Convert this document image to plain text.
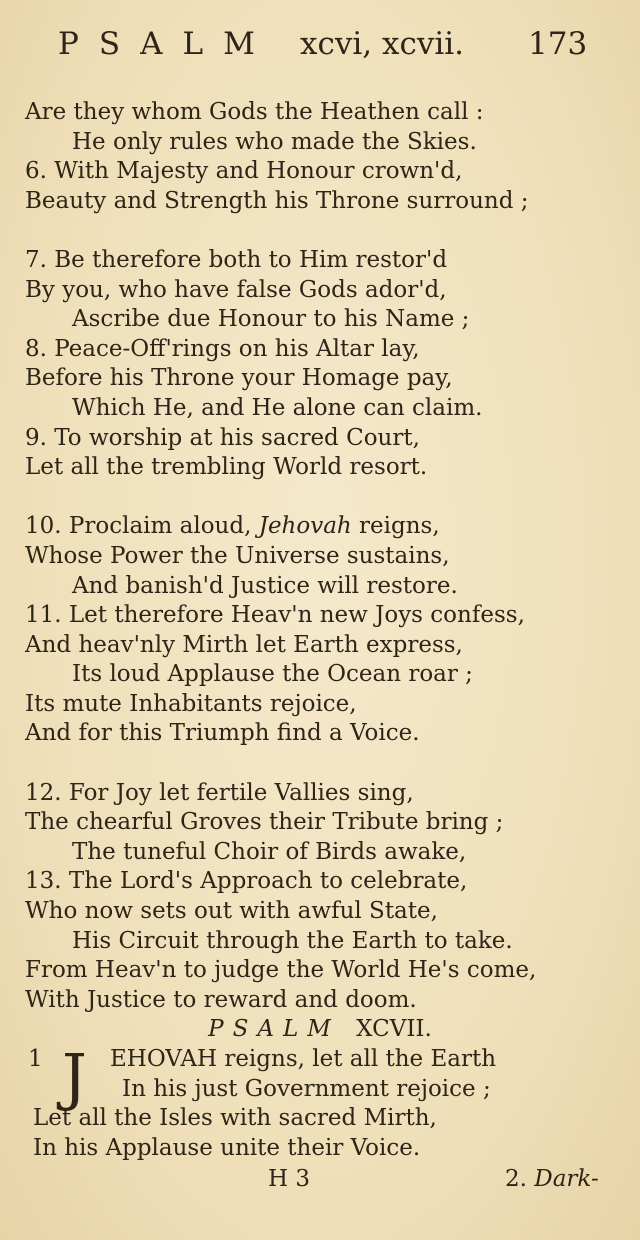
PSALM xcvi, xcvii. 173
Are they whom Gods the Heathen call :
He only rules who made the Skies.
6. With Majesty and Honour crown'd,
Beauty and Strength his Throne surround ;
7. Be therefore both to Him restor'd
By you, who have false Gods ador'd,
Ascribe due Honour to his Name ;
8. Peace-Off'rings on his Altar lay,
Before his Throne your Homage pay,
Which He, and He alone can claim.
9. To worship at his sacred Court,
Let all the trembling World resort.
10. Proclaim aloud, Jehovah reigns,
Whose Power the Universe sustains,
And banish'd Justice will restore.
11. Let therefore Heav'n new Joys confess,
And heav'nly Mirth let Earth express,
Its loud Applause the Ocean roar ;
Its mute Inhabitants rejoice,
And for this Triumph find a Voice.
12. For Joy let fertile Vallies sing,
The chearful Groves their Tribute bring ;
The tuneful Choir of Birds awake,
13. The Lord's Approach to celebrate,
Who now sets out with awful State,
His Circuit through the Earth to take.
From Heav'n to judge the World He's come,
With Justice to reward and doom.
PSALM XCVII.
1 J	EHOVAH reigns, let all the Earth
In his just Government rejoice ;
Let all the Isles with sacred Mirth,
In his Applause unite their Voice.
H 3	2. Dark-
